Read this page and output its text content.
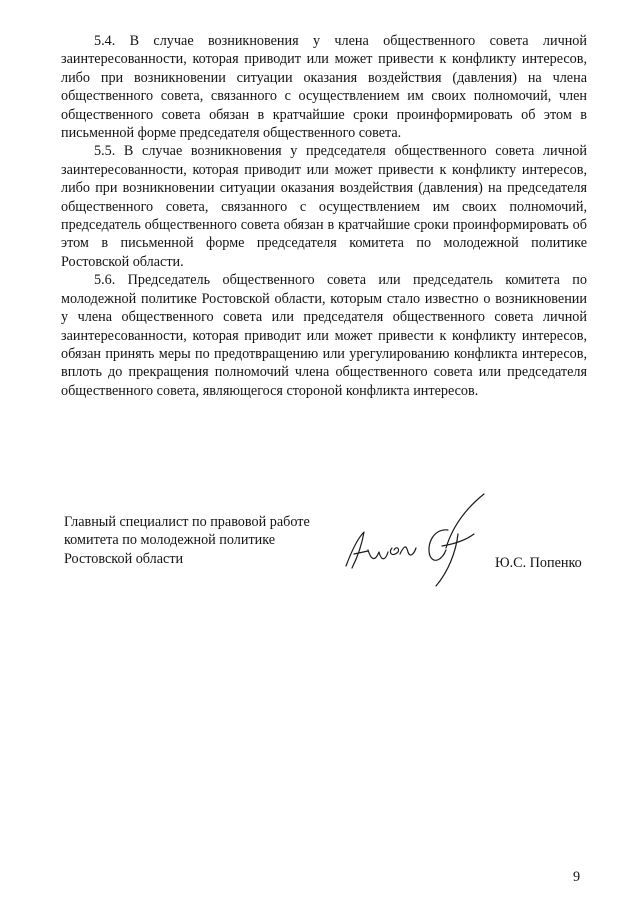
5.4. В случае возникновения у члена общественного совета личной заинтересованности, которая приводит или может привести к конфликту интересов, либо при возникновении ситуации оказания воздействия (давления) на члена общественного совета, связанного с осуществлением им своих полномочий, член общественного совета обязан в кратчайшие сроки проинформировать об этом в письменной форме председателя общественного совета.

5.5. В случае возникновения у председателя общественного совета личной заинтересованности, которая приводит или может привести к конфликту интересов, либо при возникновении ситуации оказания воздействия (давления) на председателя общественного совета, связанного с осуществлением им своих полномочий, председатель общественного совета обязан в кратчайшие сроки проинформировать об этом в письменной форме председателя комитета по молодежной политике Ростовской области.

5.6. Председатель общественного совета или председатель комитета по молодежной политике Ростовской области, которым стало известно о возникновении у члена общественного совета или председателя общественного совета личной заинтересованности, которая приводит или может привести к конфликту интересов, обязан принять меры по предотвращению или урегулированию конфликта интересов, вплоть до прекращения полномочий члена общественного совета или председателя общественного совета, являющегося стороной конфликта интересов.

Главный специалист по правовой работе
комитета по молодежной политике
Ростовской области	Ю.С. Попенко
9
